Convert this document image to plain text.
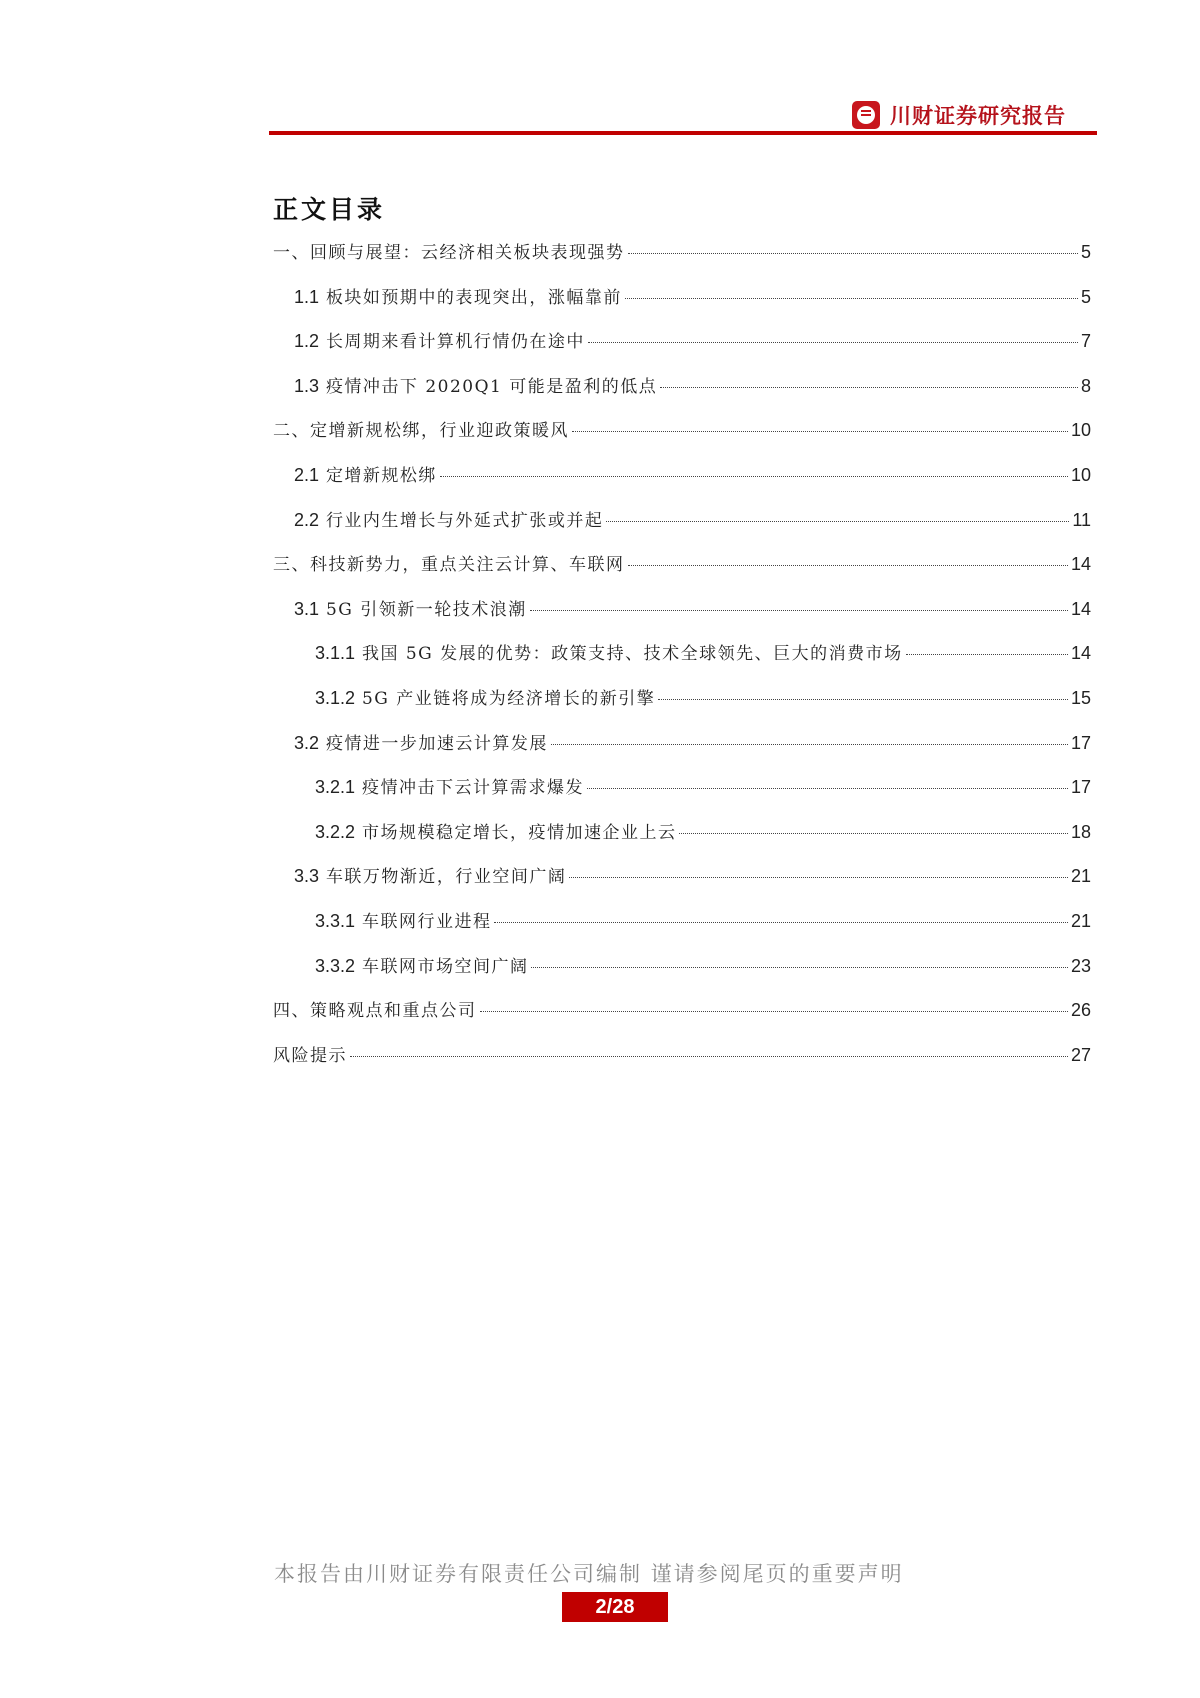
川财证券研究报告
正文目录
一、回顾与展望：云经济相关板块表现强势	5
1.1 板块如预期中的表现突出，涨幅靠前	5
1.2 长周期来看计算机行情仍在途中	7
1.3 疫情冲击下 2020Q1 可能是盈利的低点	8
二、定增新规松绑，行业迎政策暖风	10
2.1 定增新规松绑	10
2.2 行业内生增长与外延式扩张或并起	11
三、科技新势力，重点关注云计算、车联网	14
3.1 5G 引领新一轮技术浪潮	14
3.1.1 我国 5G 发展的优势：政策支持、技术全球领先、巨大的消费市场	14
3.1.2 5G 产业链将成为经济增长的新引擎	15
3.2 疫情进一步加速云计算发展	17
3.2.1 疫情冲击下云计算需求爆发	17
3.2.2 市场规模稳定增长，疫情加速企业上云	18
3.3 车联万物渐近，行业空间广阔	21
3.3.1 车联网行业进程	21
3.3.2 车联网市场空间广阔	23
四、策略观点和重点公司	26
风险提示	27
本报告由川财证券有限责任公司编制 谨请参阅尾页的重要声明
2/28
